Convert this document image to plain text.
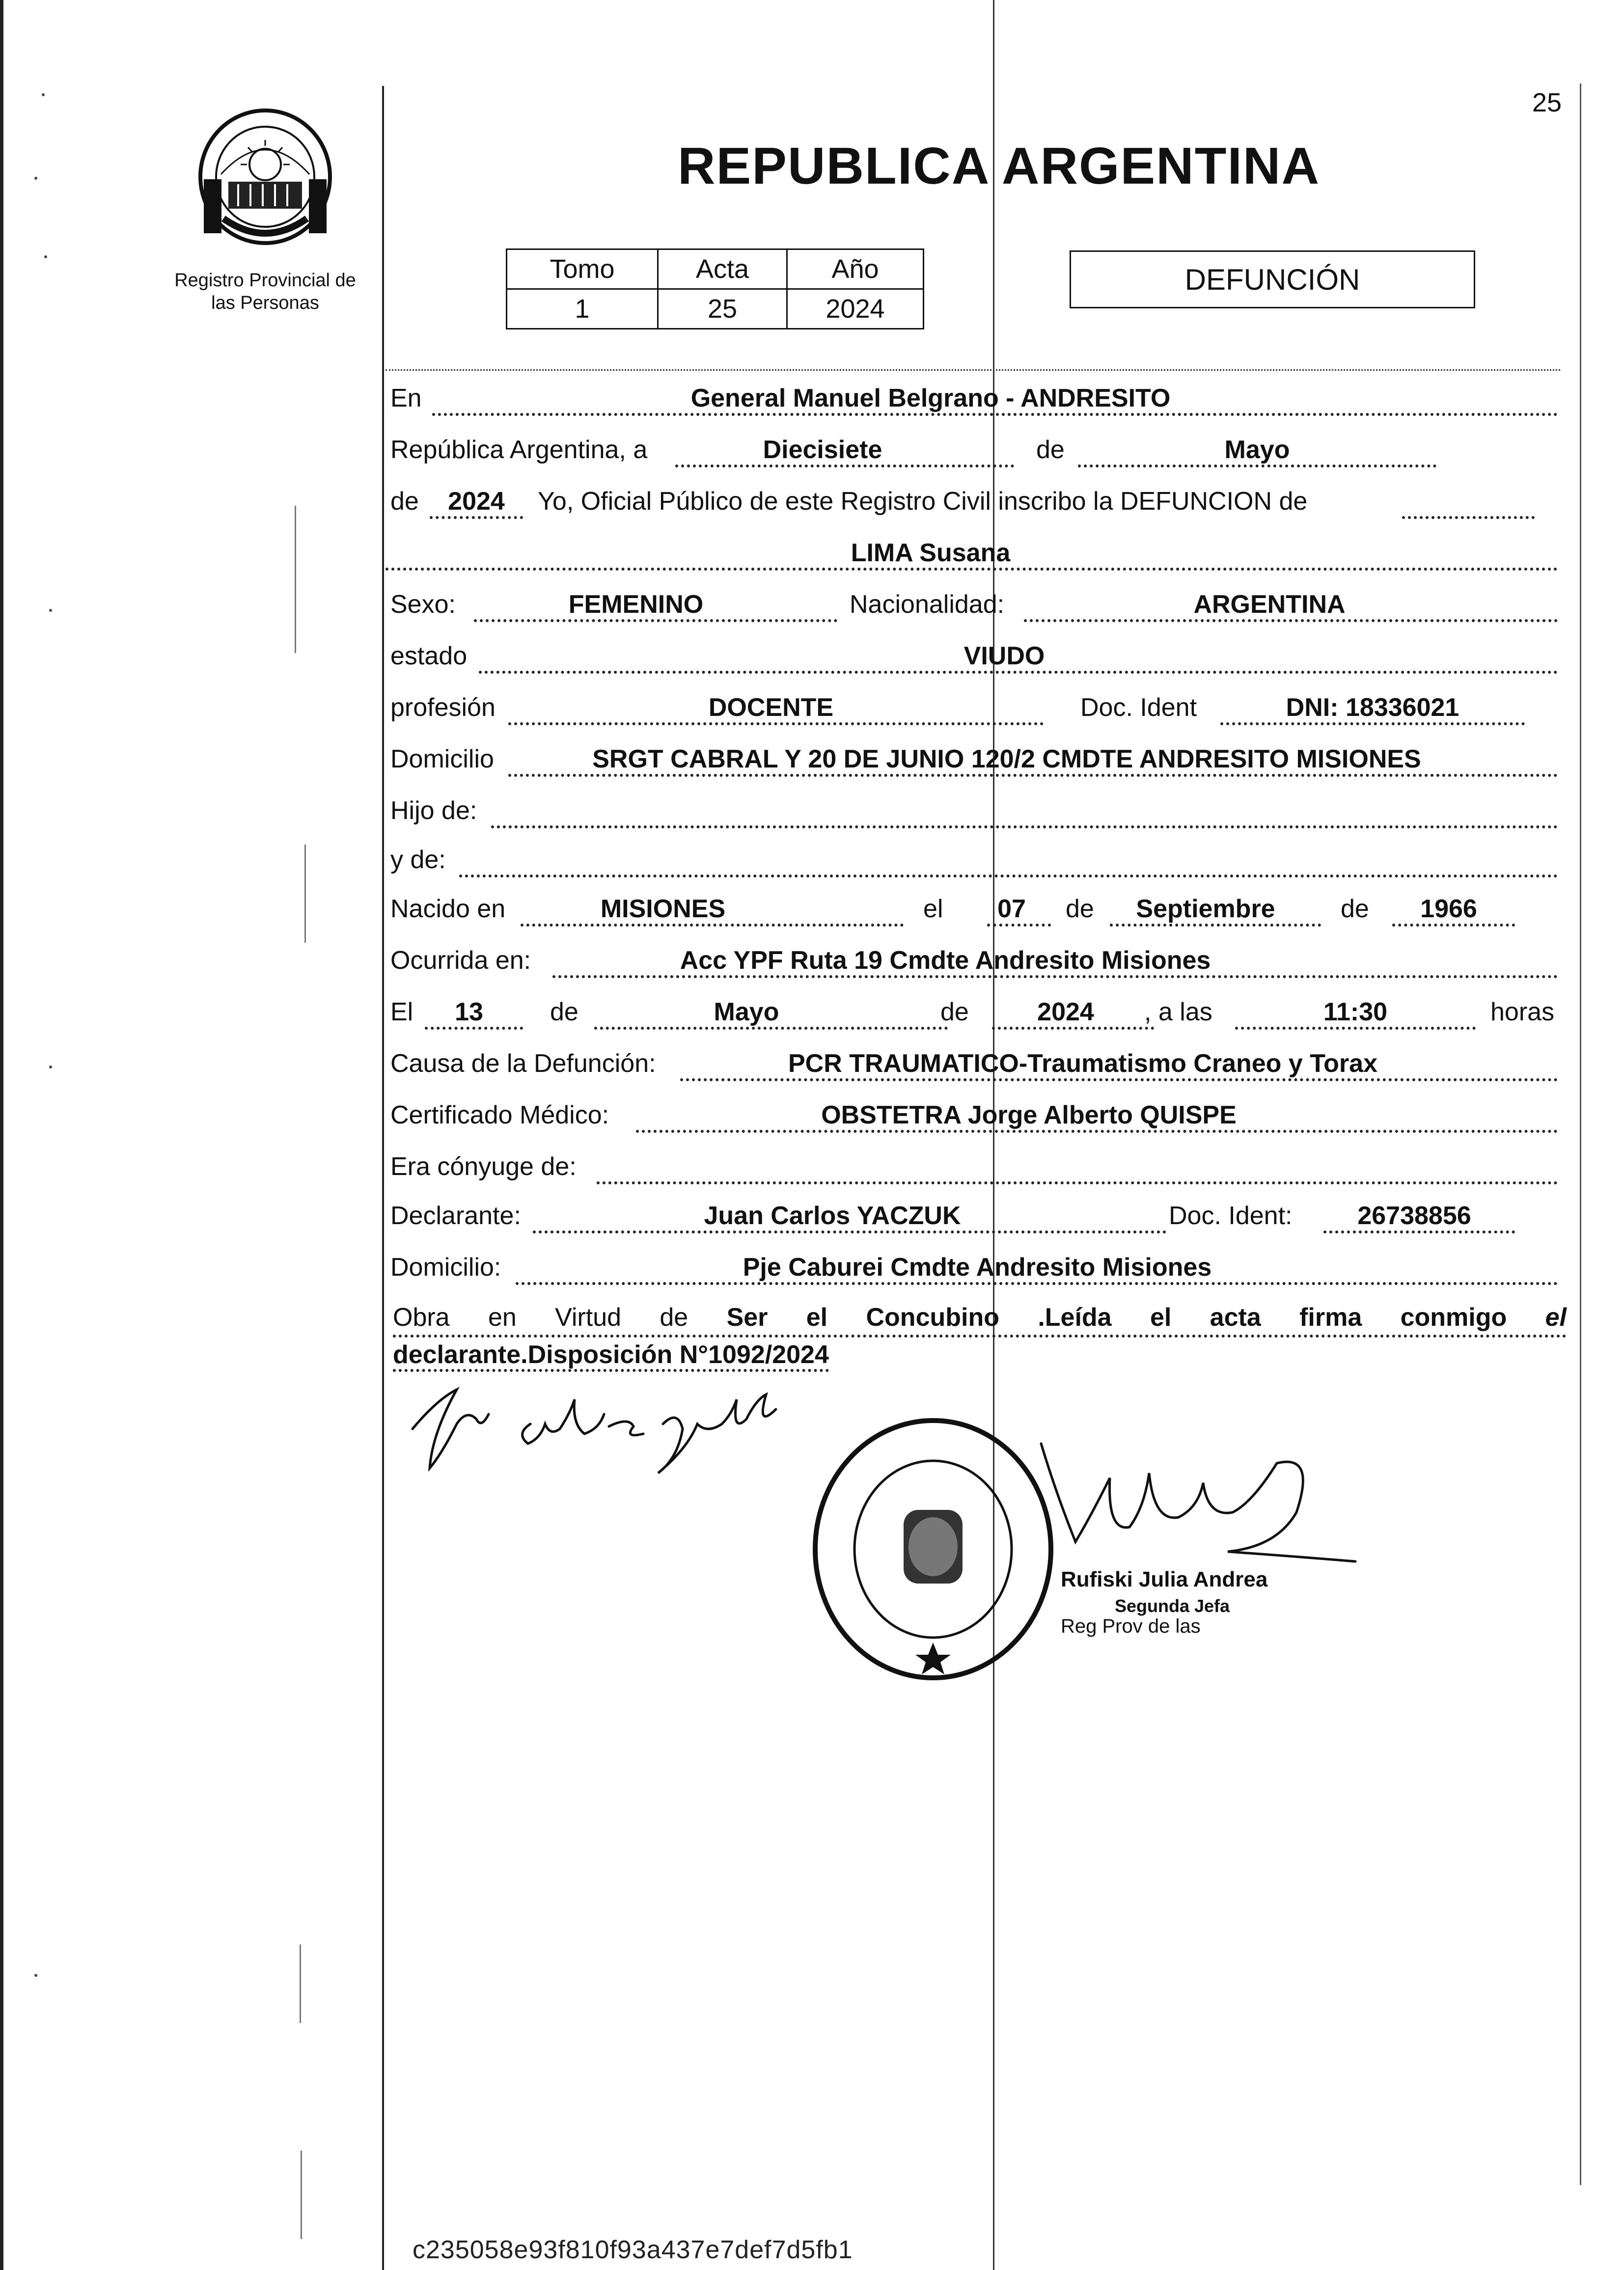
Registro Provincial de las Personas
25
REPUBLICA ARGENTINA
Tomo	Acta	Año
1	25	2024
DEFUNCIÓN
En	General Manuel Belgrano - ANDRESITO
República Argentina, a	Diecisiete	de	Mayo
de	2024	Yo, Oficial Público de este Registro Civil inscribo la DEFUNCION de
LIMA Susana
Sexo:	FEMENINO	Nacionalidad:	ARGENTINA
estado	VIUDO
profesión	DOCENTE	Doc. Ident	DNI: 18336021
Domicilio	SRGT CABRAL Y 20 DE JUNIO 120/2 CMDTE ANDRESITO MISIONES
Hijo de:
y de:
Nacido en	MISIONES	el	07	de	Septiembre	de	1966
Ocurrida en:	Acc YPF Ruta 19 Cmdte Andresito Misiones
El	13	de	Mayo	de	2024	, a las	11:30	horas
Causa de la Defunción:	PCR TRAUMATICO-Traumatismo Craneo y Torax
Certificado Médico:	OBSTETRA Jorge Alberto QUISPE
Era cónyuge de:
Declarante:	Juan Carlos YACZUK	Doc. Ident:	26738856
Domicilio:	Pje Caburei Cmdte Andresito Misiones
Obra en Virtud de Ser el Concubino .Leída el acta firma conmigo el
declarante.Disposición N°1092/2024
Rufiski Julia Andrea
Segunda Jefa
Reg Prov de las
c235058e93f810f93a437e7def7d5fb1
